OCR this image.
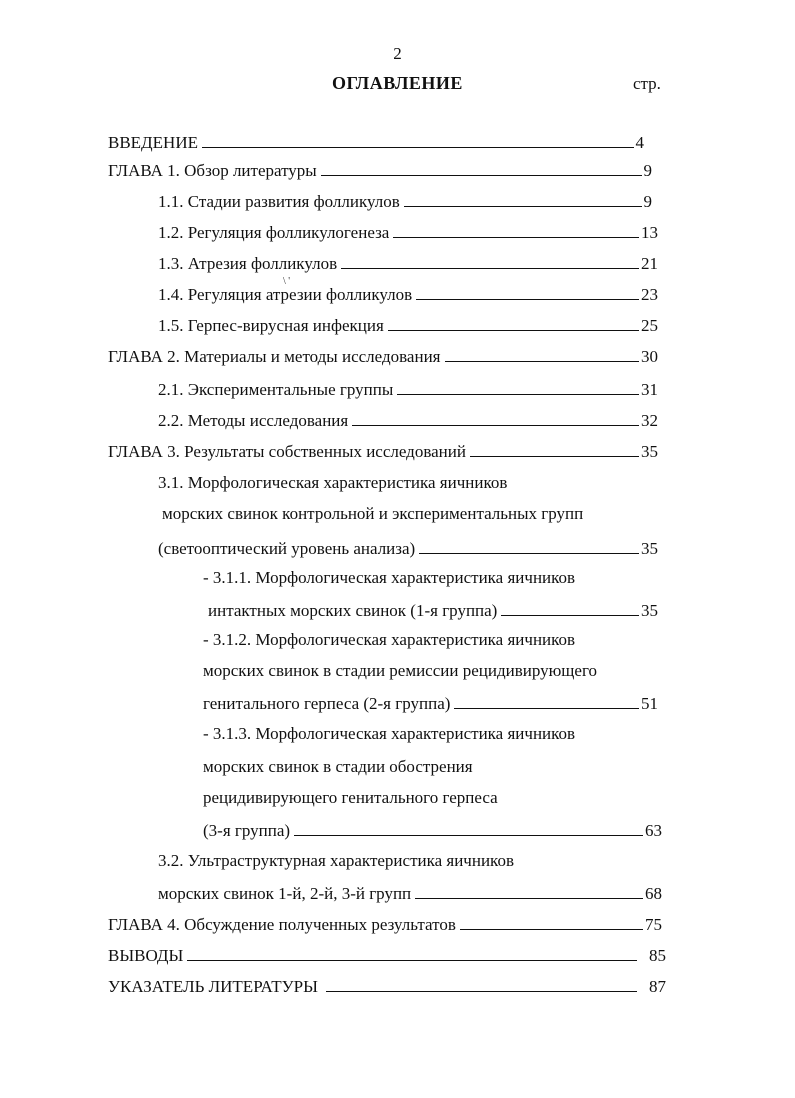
2
ОГЛАВЛЕНИЕ	стр.
ВВЕДЕНИЕ	4
ГЛАВА 1. Обзор литературы	9
1.1. Стадии развития фолликулов	9
1.2. Регуляция фолликулогенеза	13
1.3. Атрезия фолликулов	21
\ '
1.4. Регуляция атрезии фолликулов	23
1.5. Герпес-вирусная инфекция	25
ГЛАВА 2. Материалы и методы исследования	30
2.1. Экспериментальные группы	31
2.2. Методы исследования	32
ГЛАВА 3. Результаты собственных исследований	35
3.1. Морфологическая характеристика яичников
морских свинок контрольной и экспериментальных групп
(светооптический уровень анализа)	35
- 3.1.1. Морфологическая характеристика яичников
интактных морских свинок (1-я группа)	35
- 3.1.2. Морфологическая характеристика яичников
морских свинок в стадии ремиссии рецидивирующего
генитального герпеса (2-я группа)	51
- 3.1.3. Морфологическая характеристика яичников
морских свинок в стадии обострения
рецидивирующего генитального герпеса
(3-я группа)	63
3.2. Ультраструктурная характеристика яичников
морских свинок 1-й, 2-й, 3-й групп	68
ГЛАВА 4. Обсуждение полученных результатов	75
ВЫВОДЫ	85
УКАЗАТЕЛЬ ЛИТЕРАТУРЫ	87
